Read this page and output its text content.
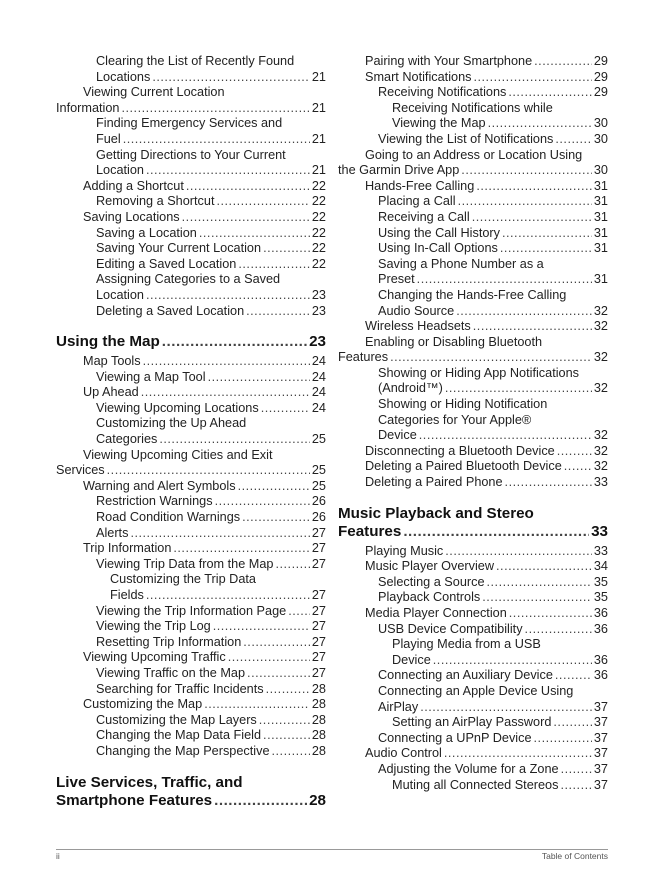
Clearing the List of Recently Found
Locations .....	21
Viewing Current Location
Information .....	21
Finding Emergency Services and
Fuel .....	21
Getting Directions to Your Current
Location .....	21
Adding a Shortcut .....	22
Removing a Shortcut .....	22
Saving Locations .....	22
Saving a Location .....	22
Saving Your Current Location .....	22
Editing a Saved Location .....	22
Assigning Categories to a Saved
Location .....	23
Deleting a Saved Location .....	23
Using the Map .....	23
Map Tools .....	24
Viewing a Map Tool .....	24
Up Ahead .....	24
Viewing Upcoming Locations .....	24
Customizing the Up Ahead
Categories .....	25
Viewing Upcoming Cities and Exit
Services .....	25
Warning and Alert Symbols .....	25
Restriction Warnings .....	26
Road Condition Warnings .....	26
Alerts .....	27
Trip Information .....	27
Viewing Trip Data from the Map .....	27
Customizing the Trip Data
Fields .....	27
Viewing the Trip Information Page ..... 27
Viewing the Trip Log .....	27
Resetting Trip Information .....	27
Viewing Upcoming Traffic .....	27
Viewing Traffic on the Map .....	27
Searching for Traffic Incidents .....	28
Customizing the Map .....	28
Customizing the Map Layers .....	28
Changing the Map Data Field .....	28
Changing the Map Perspective .....	28
Live Services, Traffic, and
Smartphone Features .....	28
Pairing with Your Smartphone .....	29
Smart Notifications .....	29
Receiving Notifications .....	29
Receiving Notifications while
Viewing the Map .....	30
Viewing the List of Notifications .....	30
Going to an Address or Location Using
the Garmin Drive App .....	30
Hands-Free Calling .....	31
Placing a Call .....	31
Receiving a Call .....	31
Using the Call History .....	31
Using In-Call Options .....	31
Saving a Phone Number as a
Preset .....	31
Changing the Hands-Free Calling
Audio Source .....	32
Wireless Headsets .....	32
Enabling or Disabling Bluetooth
Features .....	32
Showing or Hiding App Notifications
(Android™) .....	32
Showing or Hiding Notification
Categories for Your Apple®
Device .....	32
Disconnecting a Bluetooth Device .....	32
Deleting a Paired Bluetooth Device .....	32
Deleting a Paired Phone .....	33
Music Playback and Stereo
Features .....	33
Playing Music .....	33
Music Player Overview .....	34
Selecting a Source .....	35
Playback Controls .....	35
Media Player Connection .....	36
USB Device Compatibility .....	36
Playing Media from a USB
Device .....	36
Connecting an Auxiliary Device .....	36
Connecting an Apple Device Using
AirPlay .....	37
Setting an AirPlay Password .....	37
Connecting a UPnP Device .....	37
Audio Control .....	37
Adjusting the Volume for a Zone .....	37
Muting all Connected Stereos .....	37
ii	Table of Contents
